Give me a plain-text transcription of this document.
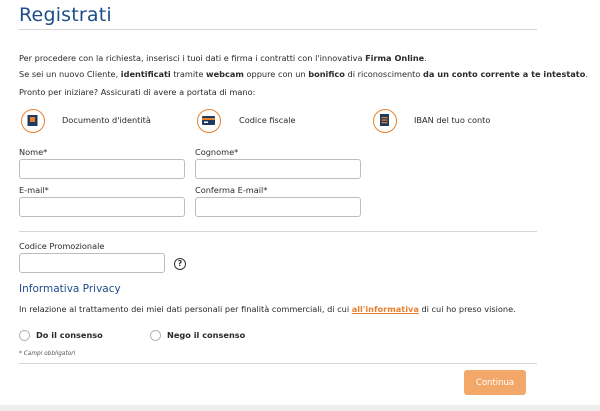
Registrati
Per procedere con la richiesta, inserisci i tuoi dati e firma i contratti con l'innovativa Firma Online.
Se sei un nuovo Cliente, identificati tramite webcam oppure con un bonifico di riconoscimento da un conto corrente a te intestato.
Pronto per iniziare? Assicurati di avere a portata di mano:
Documento d'identità	Codice fiscale	IBAN del tuo conto
Nome*	Cognome*
E-mail*	Conferma E-mail*
Codice Promozionale
?
Informativa Privacy
In relazione al trattamento dei miei dati personali per finalità commerciali, di cui all'informativa di cui ho preso visione.
Do il consenso	Nego il consenso
* Campi obbligatori
Continua
